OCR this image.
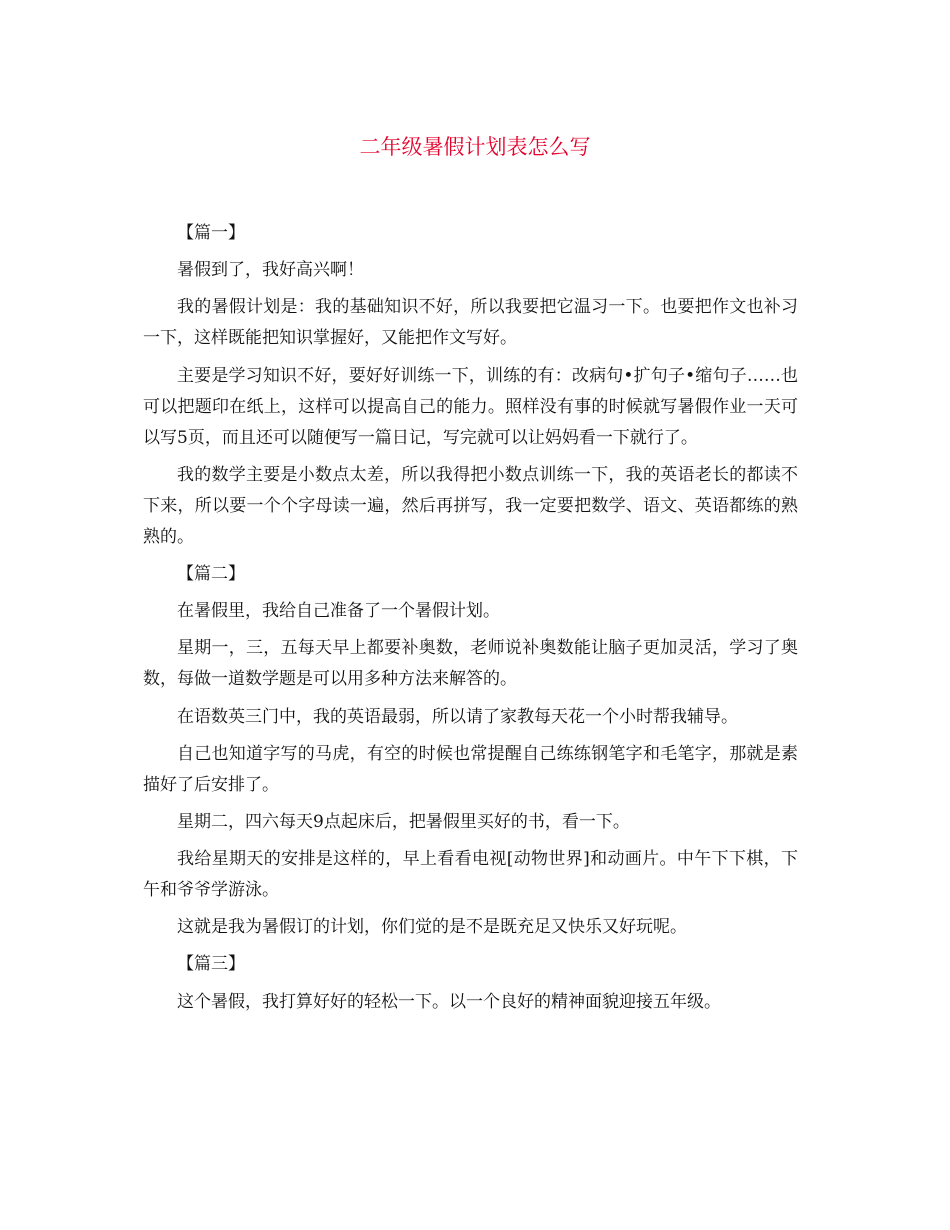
二年级暑假计划表怎么写

【篇一】

暑假到了，我好高兴啊！

我的暑假计划是：我的基础知识不好，所以我要把它温习一下。也要把作文也补习一下，这样既能把知识掌握好，又能把作文写好。

主要是学习知识不好，要好好训练一下，训练的有：改病句•扩句子•缩句子……也可以把题印在纸上，这样可以提高自己的能力。照样没有事的时候就写暑假作业一天可以写5页，而且还可以随便写一篇日记，写完就可以让妈妈看一下就行了。

我的数学主要是小数点太差，所以我得把小数点训练一下，我的英语老长的都读不下来，所以要一个个字母读一遍，然后再拼写，我一定要把数学、语文、英语都练的熟熟的。

【篇二】

在暑假里，我给自己准备了一个暑假计划。

星期一，三，五每天早上都要补奥数，老师说补奥数能让脑子更加灵活，学习了奥数，每做一道数学题是可以用多种方法来解答的。

在语数英三门中，我的英语最弱，所以请了家教每天花一个小时帮我辅导。

自己也知道字写的马虎，有空的时候也常提醒自己练练钢笔字和毛笔字，那就是素描好了后安排了。

星期二，四六每天9点起床后，把暑假里买好的书，看一下。

我给星期天的安排是这样的，早上看看电视[动物世界]和动画片。中午下下棋，下午和爷爷学游泳。

这就是我为暑假订的计划，你们觉的是不是既充足又快乐又好玩呢。

【篇三】

这个暑假，我打算好好的轻松一下。以一个良好的精神面貌迎接五年级。
